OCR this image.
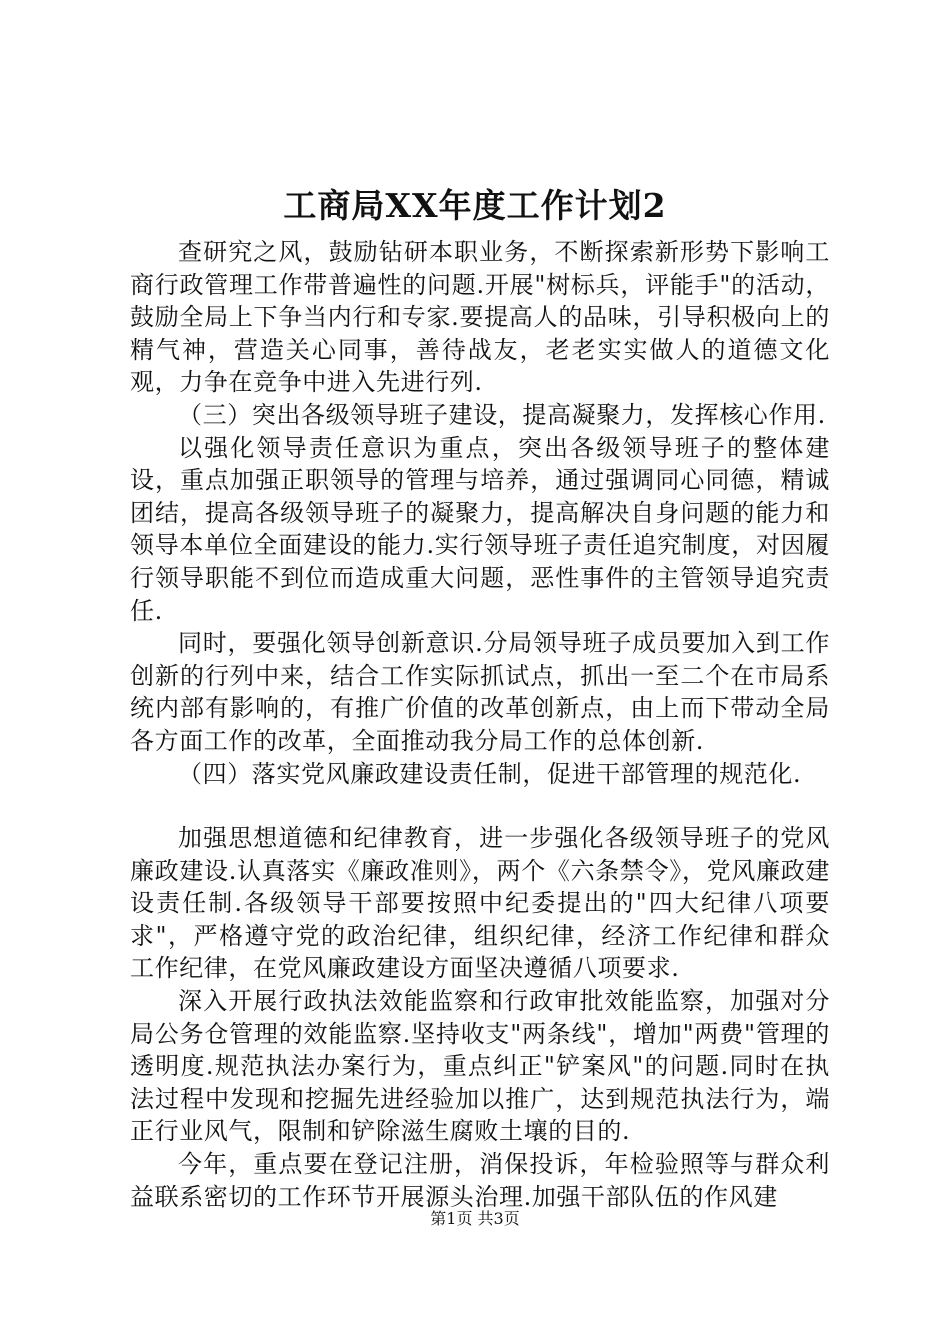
工商局XX年度工作计划2

查研究之风，鼓励钻研本职业务，不断探索新形势下影响工商行政管理工作带普遍性的问题.开展"树标兵，评能手"的活动，鼓励全局上下争当内行和专家.要提高人的品味，引导积极向上的精气神，营造关心同事，善待战友，老老实实做人的道德文化观，力争在竞争中进入先进行列.

（三）突出各级领导班子建设，提高凝聚力，发挥核心作用.

以强化领导责任意识为重点，突出各级领导班子的整体建设，重点加强正职领导的管理与培养，通过强调同心同德，精诚团结，提高各级领导班子的凝聚力，提高解决自身问题的能力和领导本单位全面建设的能力.实行领导班子责任追究制度，对因履行领导职能不到位而造成重大问题，恶性事件的主管领导追究责任.

同时，要强化领导创新意识.分局领导班子成员要加入到工作创新的行列中来，结合工作实际抓试点，抓出一至二个在市局系统内部有影响的，有推广价值的改革创新点，由上而下带动全局各方面工作的改革，全面推动我分局工作的总体创新.

（四）落实党风廉政建设责任制，促进干部管理的规范化.

加强思想道德和纪律教育，进一步强化各级领导班子的党风廉政建设.认真落实《廉政准则》，两个《六条禁令》，党风廉政建设责任制.各级领导干部要按照中纪委提出的"四大纪律八项要求"，严格遵守党的政治纪律，组织纪律，经济工作纪律和群众工作纪律，在党风廉政建设方面坚决遵循八项要求.

深入开展行政执法效能监察和行政审批效能监察，加强对分局公务仓管理的效能监察.坚持收支"两条线"，增加"两费"管理的透明度.规范执法办案行为，重点纠正"铲案风"的问题.同时在执法过程中发现和挖掘先进经验加以推广，达到规范执法行为，端正行业风气，限制和铲除滋生腐败土壤的目的.

今年，重点要在登记注册，消保投诉，年检验照等与群众利益联系密切的工作环节开展源头治理.加强干部队伍的作风建

第1页 共3页
